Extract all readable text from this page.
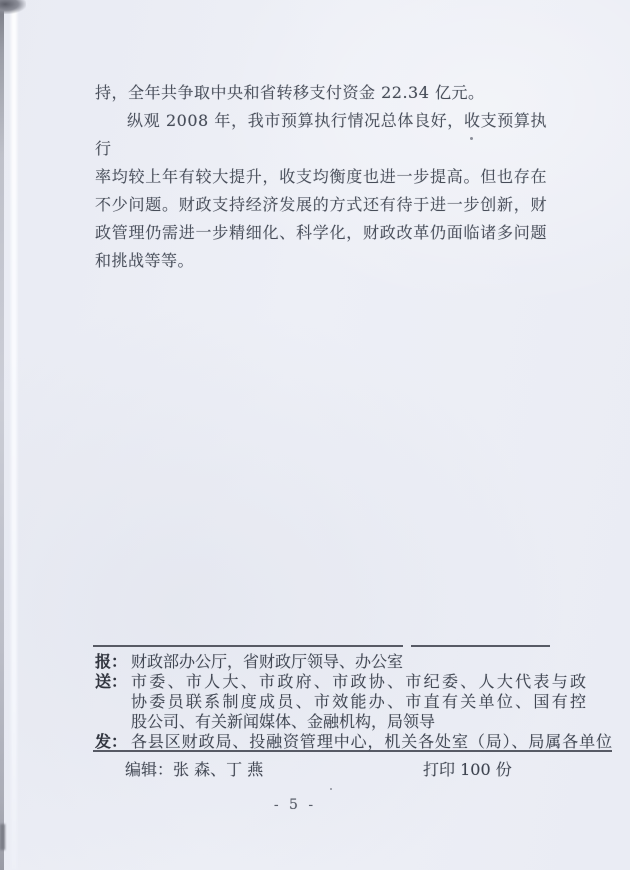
持，全年共争取中央和省转移支付资金 22.34 亿元。
纵观 2008 年，我市预算执行情况总体良好，收支预算执行
率均较上年有较大提升，收支均衡度也进一步提高。但也存在
不少问题。财政支持经济发展的方式还有待于进一步创新，财
政管理仍需进一步精细化、科学化，财政改革仍面临诸多问题
和挑战等等。
报： 财政部办公厅，省财政厅领导、办公室
送： 市委、市人大、市政府、市政协、市纪委、人大代表与政
协委员联系制度成员、市效能办、市直有关单位、国有控
股公司、有关新闻媒体、金融机构，局领导
发： 各县区财政局、投融资管理中心，机关各处室（局）、局属各单位
编辑：张 森、丁 燕	打印 100 份
- 5 -
